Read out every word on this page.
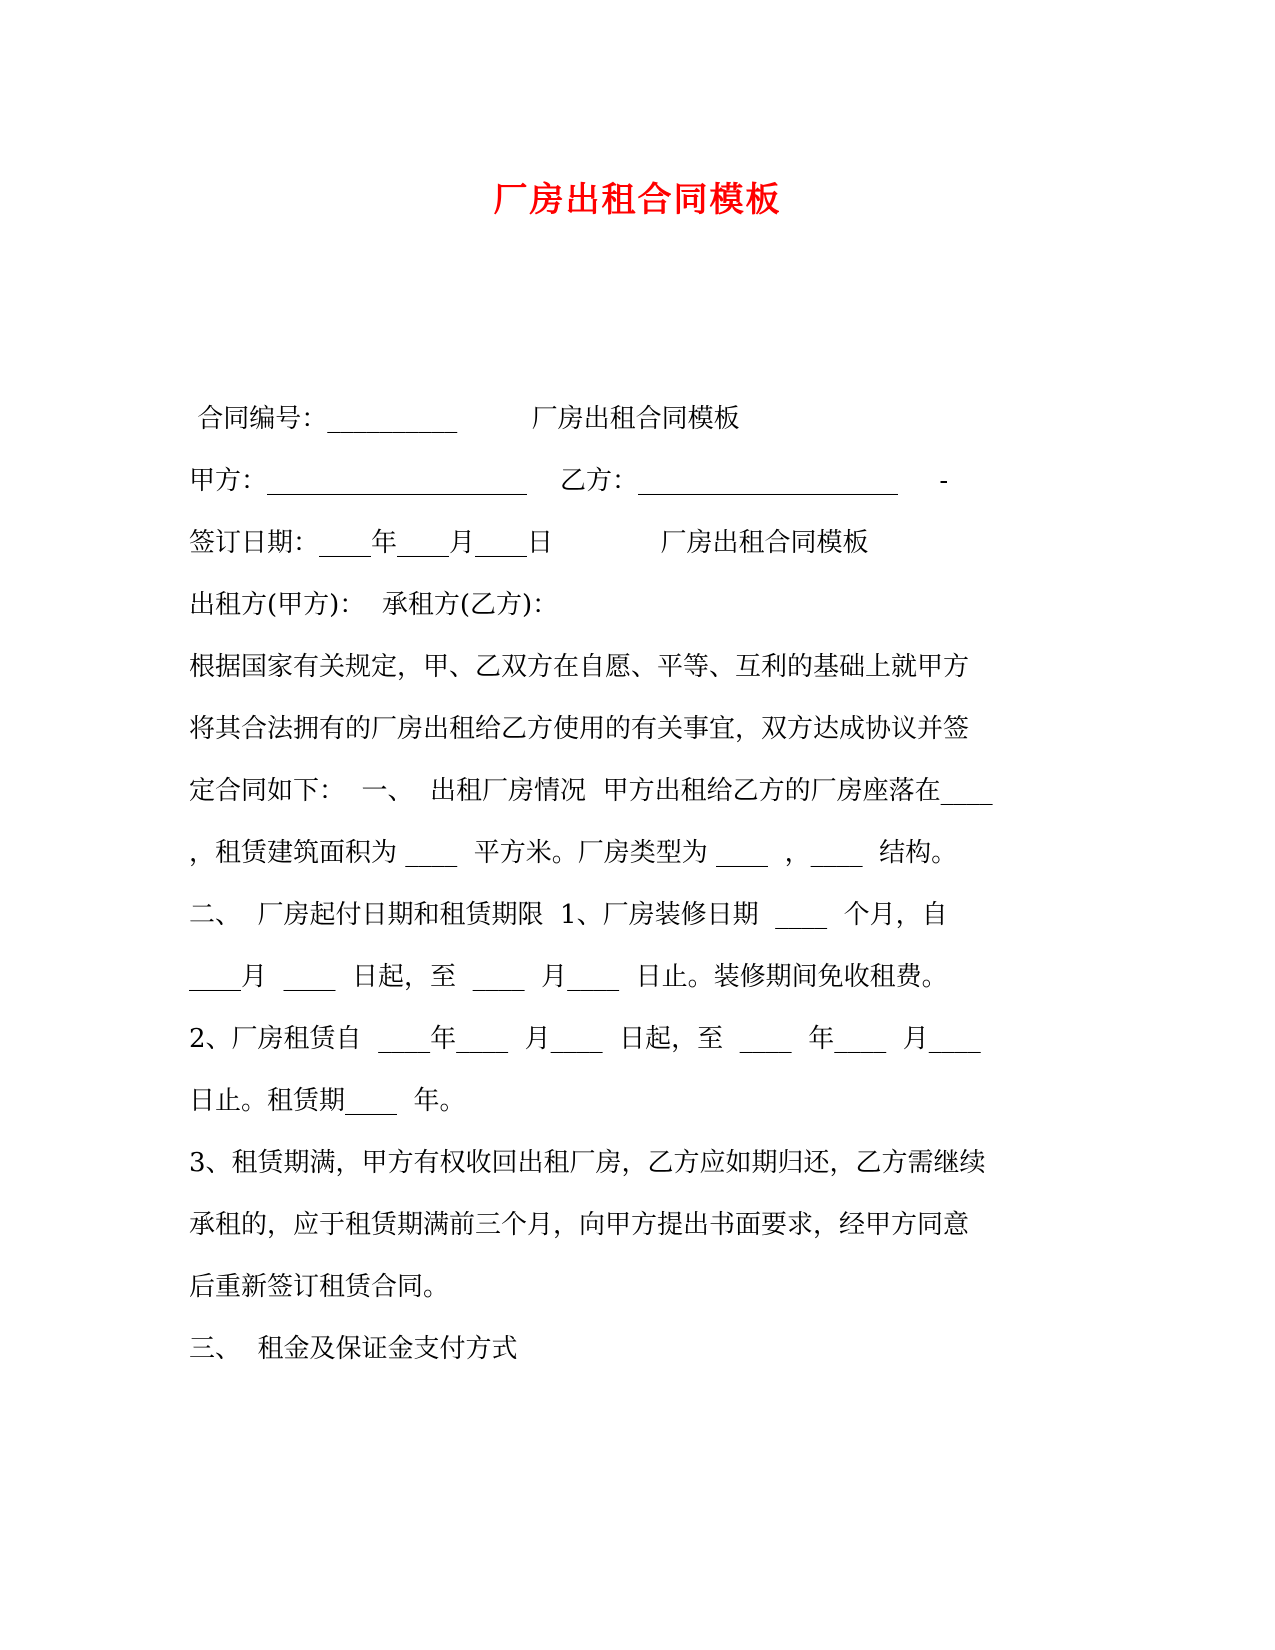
厂房出租合同模板
合同编号：__________         厂房出租合同模板
甲方：____________________    乙方：____________________     -
签订日期：____年____月____日             厂房出租合同模板
出租方(甲方)：  承租方(乙方)：
根据国家有关规定，甲、乙双方在自愿、平等、互利的基础上就甲方
将其合法拥有的厂房出租给乙方使用的有关事宜，双方达成协议并签
定合同如下：  一、  出租厂房情况  甲方出租给乙方的厂房座落在____
，租赁建筑面积为 ____  平方米。厂房类型为 ____  ，____  结构。
二、  厂房起付日期和租赁期限  1、厂房装修日期  ____  个月，自
____月  ____  日起，至  ____  月____  日止。装修期间免收租费。
2、厂房租赁自  ____年____  月____  日起，至  ____  年____  月____
日止。租赁期____  年。
3、租赁期满，甲方有权收回出租厂房，乙方应如期归还，乙方需继续
承租的，应于租赁期满前三个月，向甲方提出书面要求，经甲方同意
后重新签订租赁合同。
三、  租金及保证金支付方式
